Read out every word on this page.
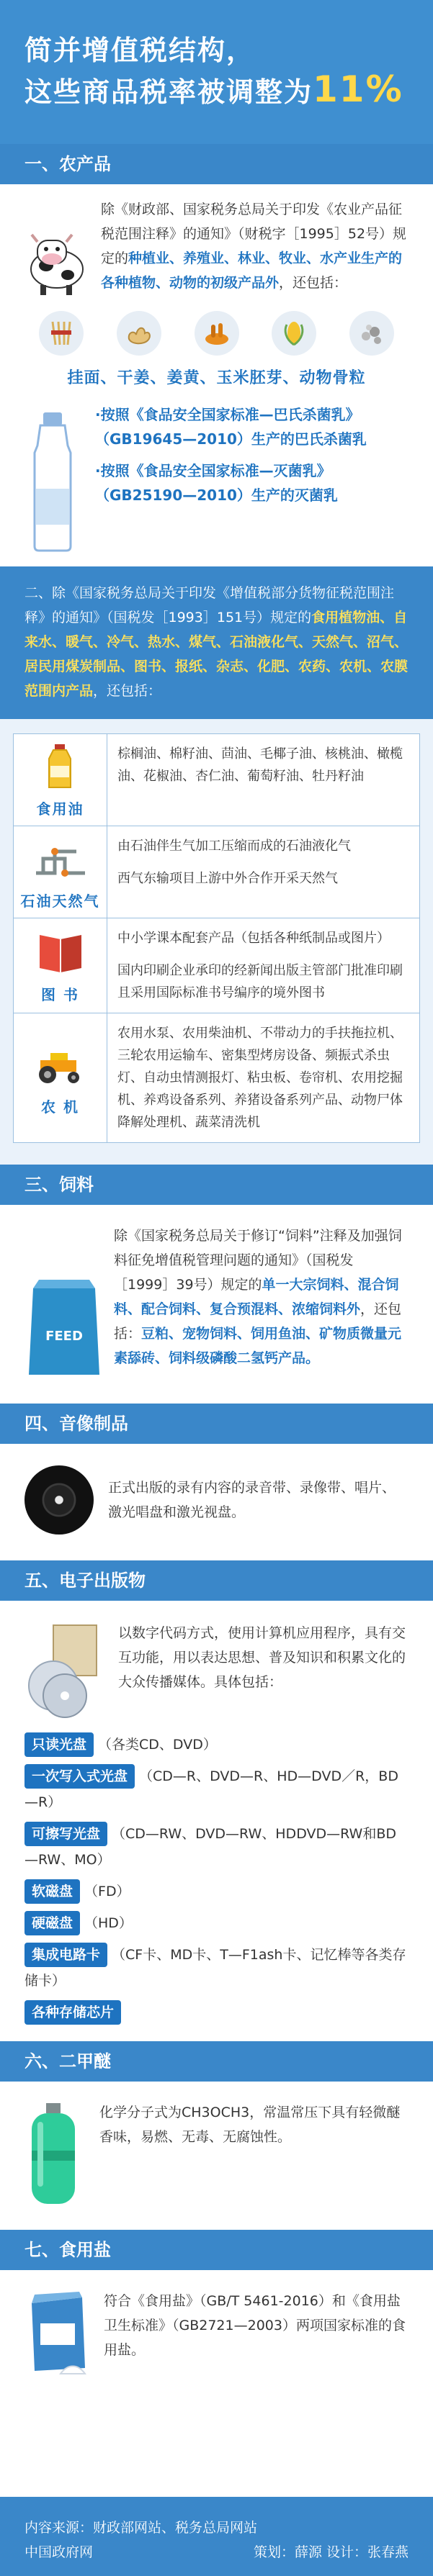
简并增值税结构，
这些商品税率被调整为11%
一、农产品
除《财政部、国家税务总局关于印发《农业产品征税范围注释》的通知》（财税字［1995］52号）规定的种植业、养殖业、林业、牧业、水产业生产的各种植物、动物的初级产品外，还包括：
挂面、干姜、姜黄、玉米胚芽、动物骨粒
·按照《食品安全国家标准—巴氏杀菌乳》（GB19645—2010）生产的巴氏杀菌乳
·按照《食品安全国家标准—灭菌乳》（GB25190—2010）生产的灭菌乳
二、除《国家税务总局关于印发《增值税部分货物征税范围注释》的通知》（国税发［1993］151号）规定的食用植物油、自来水、暖气、冷气、热水、煤气、石油液化气、天然气、沼气、居民用煤炭制品、图书、报纸、杂志、化肥、农药、农机、农膜范围内产品，还包括：
食用油

棕榈油、棉籽油、茴油、毛椰子油、核桃油、橄榄油、花椒油、杏仁油、葡萄籽油、牡丹籽油

石油天然气

由石油伴生气加工压缩而成的石油液化气

西气东输项目上游中外合作开采天然气

图 书

中小学课本配套产品（包括各种纸制品或图片）

国内印刷企业承印的经新闻出版主管部门批准印刷且采用国际标准书号编序的境外图书

农 机

农用水泵、农用柴油机、不带动力的手扶拖拉机、三轮农用运输车、密集型烤房设备、频振式杀虫灯、自动虫情测报灯、粘虫板、卷帘机、农用挖掘机、养鸡设备系列、养猪设备系列产品、动物尸体降解处理机、蔬菜清洗机

三、饲料
FEED
除《国家税务总局关于修订“饲料”注释及加强饲料征免增值税管理问题的通知》（国税发［1999］39号）规定的单一大宗饲料、混合饲料、配合饲料、复合预混料、浓缩饲料外，还包括：豆粕、宠物饲料、饲用鱼油、矿物质微量元素舔砖、饲料级磷酸二氢钙产品。
四、音像制品
正式出版的录有内容的录音带、录像带、唱片、激光唱盘和激光视盘。
五、电子出版物
以数字代码方式，使用计算机应用程序，具有交互功能，用以表达思想、普及知识和积累文化的大众传播媒体。具体包括：
只读光盘 （各类CD、DVD）
一次写入式光盘 （CD—R、DVD—R、HD—DVD／R，BD—R）
可擦写光盘 （CD—RW、DVD—RW、HDDVD—RW和BD—RW、MO）
软磁盘 （FD）
硬磁盘 （HD）
集成电路卡 （CF卡、MD卡、T—F1ash卡、记忆棒等各类存储卡）
各种存储芯片
六、二甲醚
化学分子式为CH3OCH3，常温常压下具有轻微醚香味，易燃、无毒、无腐蚀性。
七、食用盐
符合《食用盐》（GB/T 5461-2016）和《食用盐卫生标准》（GB2721—2003）两项国家标准的食用盐。
内容来源：财政部网站、税务总局网站
中国政府网	策划：薛源 设计：张春燕
